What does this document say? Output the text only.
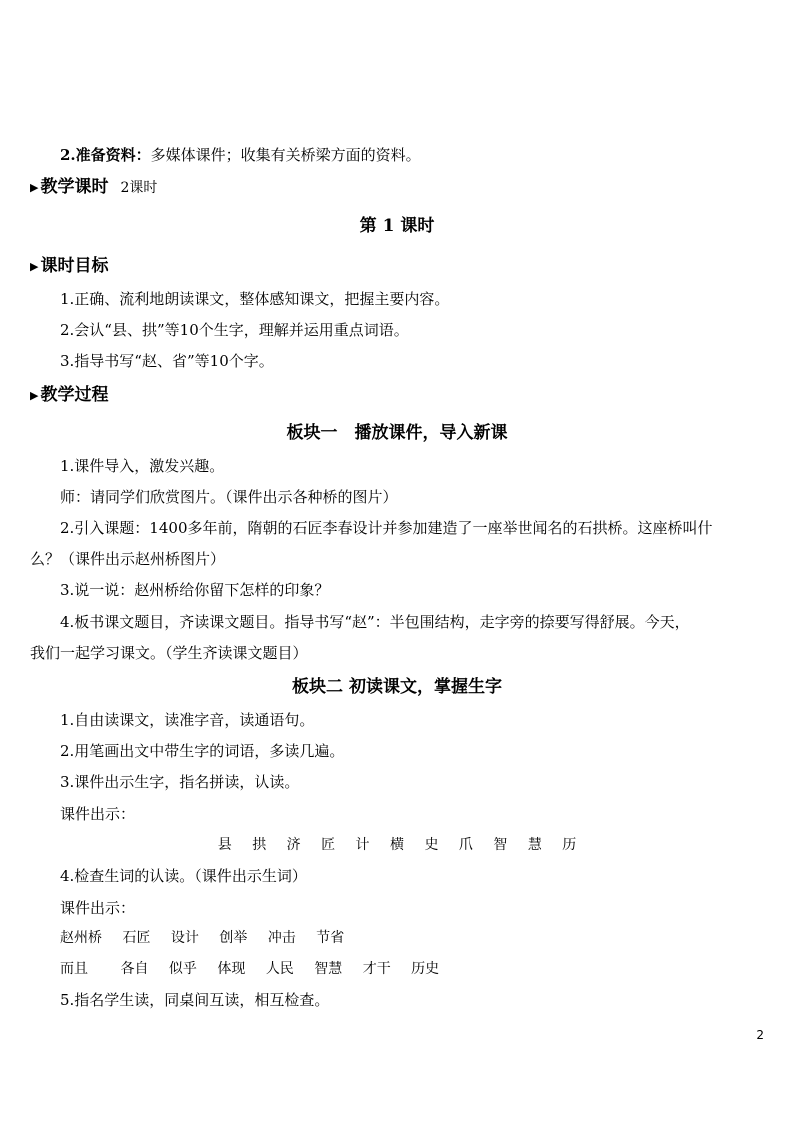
2.准备资料：多媒体课件；收集有关桥梁方面的资料。
▶ 教学课时 2课时
第 1 课时
▶ 课时目标
1.正确、流利地朗读课文，整体感知课文，把握主要内容。
2.会认“县、拱”等10个生字，理解并运用重点词语。
3.指导书写“赵、省”等10个字。
▶ 教学过程
板块一　播放课件，导入新课
1.课件导入，激发兴趣。
师：请同学们欣赏图片。（课件出示各种桥的图片）
2.引入课题：1400多年前，隋朝的石匠李春设计并参加建造了一座举世闻名的石拱桥。这座桥叫什
么？（课件出示赵州桥图片）
3.说一说：赵州桥给你留下怎样的印象？
4.板书课文题目，齐读课文题目。指导书写“赵”：半包围结构，走字旁的捺要写得舒展。今天，
我们一起学习课文。（学生齐读课文题目）
板块二 初读课文，掌握生字
1.自由读课文，读准字音，读通语句。
2.用笔画出文中带生字的词语，多读几遍。
3.课件出示生字，指名拼读，认读。
课件出示：
县 拱 济 匠 计 横 史 爪 智 慧 历
4.检查生词的认读。（课件出示生词）
课件出示：
赵州桥 石匠 设计 创举 冲击 节省
而且 各自 似乎 体现 人民 智慧 才干 历史
5.指名学生读，同桌间互读，相互检查。
2
